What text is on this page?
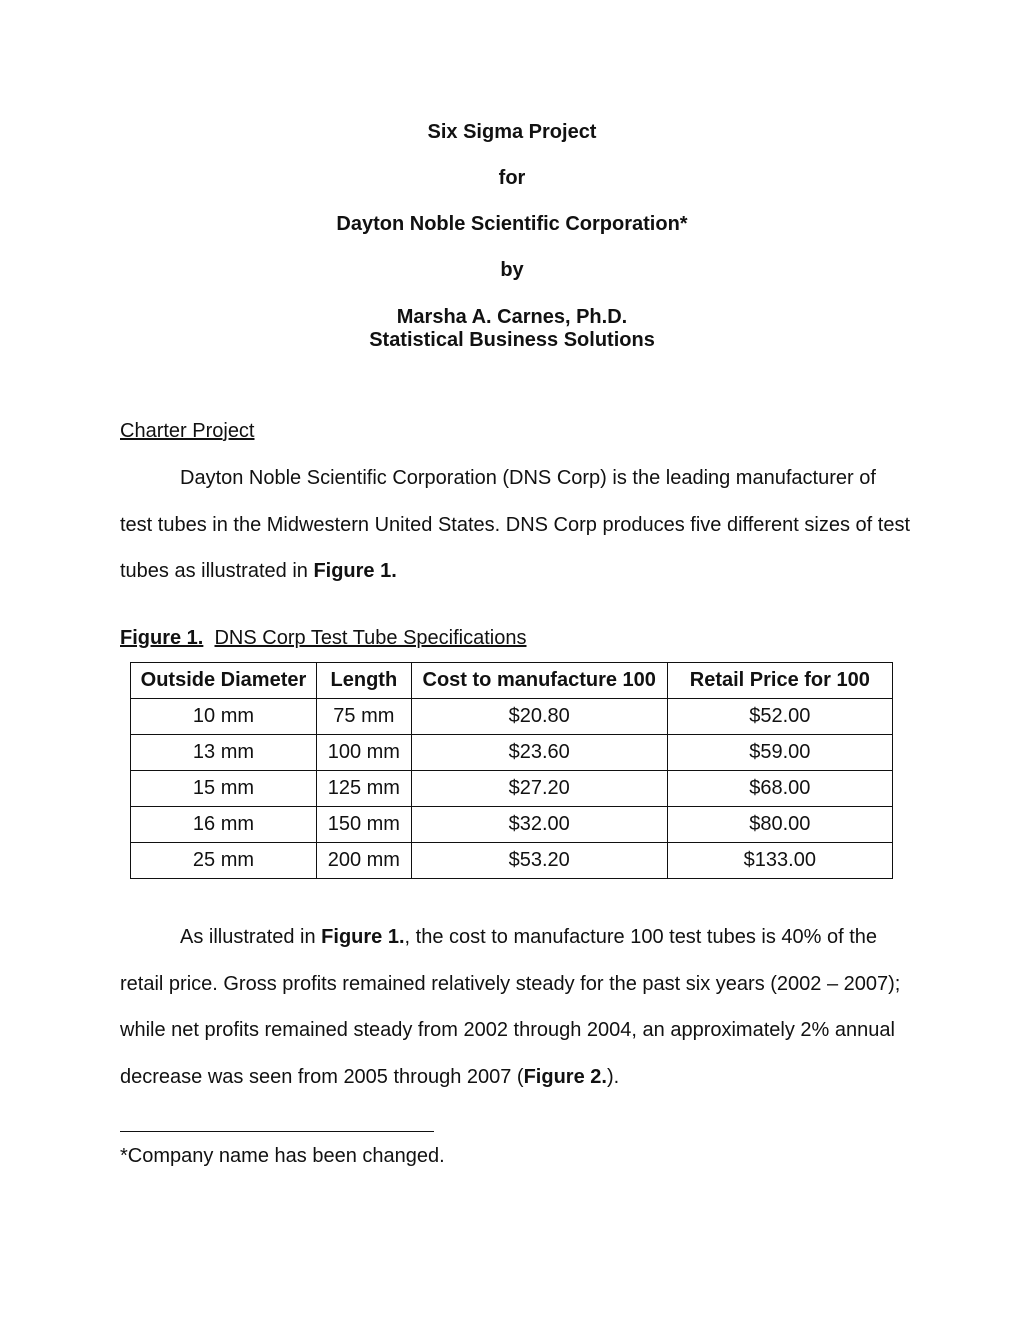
Six Sigma Project
for
Dayton Noble Scientific Corporation*
by
Marsha A. Carnes, Ph.D.
Statistical Business Solutions
Charter Project

Dayton Noble Scientific Corporation (DNS Corp) is the leading manufacturer of test tubes in the Midwestern United States. DNS Corp produces five different sizes of test tubes as illustrated in Figure 1.

Figure 1. DNS Corp Test Tube Specifications
Outside Diameter	Length	Cost to manufacture 100	Retail Price for 100
10 mm	75 mm	$20.80	$52.00
13 mm	100 mm	$23.60	$59.00
15 mm	125 mm	$27.20	$68.00
16 mm	150 mm	$32.00	$80.00
25 mm	200 mm	$53.20	$133.00

As illustrated in Figure 1., the cost to manufacture 100 test tubes is 40% of the retail price. Gross profits remained relatively steady for the past six years (2002 – 2007); while net profits remained steady from 2002 through 2004, an approximately 2% annual decrease was seen from 2005 through 2007 (Figure 2.).

*Company name has been changed.
